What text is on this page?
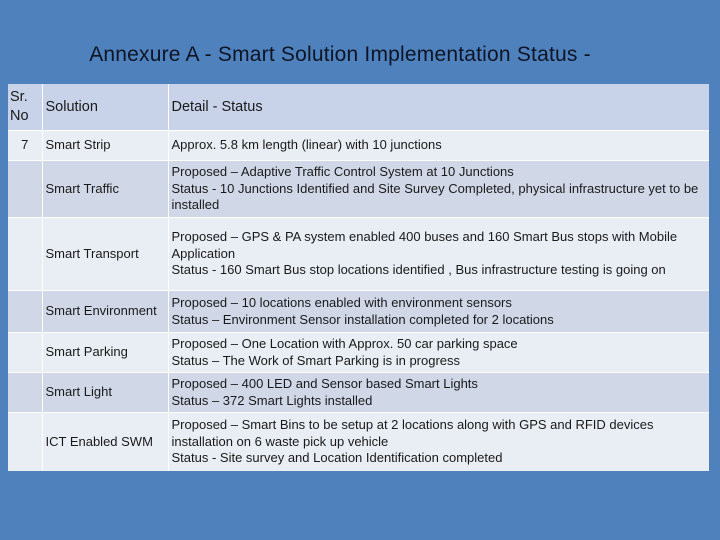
Annexure A - Smart Solution Implementation Status -
Sr.
No	Solution	Detail - Status
7	Smart Strip	Approx. 5.8 km length (linear) with 10 junctions

	Smart Traffic	Proposed – Adaptive Traffic Control System at 10 Junctions
Status - 10 Junctions Identified and Site Survey Completed, physical infrastructure yet to be installed

	Smart Transport	Proposed – GPS & PA system enabled 400 buses and 160 Smart Bus stops with Mobile Application
Status - 160 Smart Bus stop locations identified , Bus infrastructure testing is going on

	Smart Environment	Proposed – 10 locations enabled with environment sensors
Status – Environment Sensor installation completed for 2 locations

	Smart Parking	Proposed – One Location with Approx. 50 car parking space
Status – The Work of Smart Parking is in progress

	Smart Light	Proposed – 400 LED and Sensor based Smart Lights
Status – 372 Smart Lights installed

	ICT Enabled SWM	Proposed – Smart Bins to be setup at 2 locations along with GPS and RFID devices installation on 6 waste pick up vehicle
Status - Site survey and Location Identification completed
